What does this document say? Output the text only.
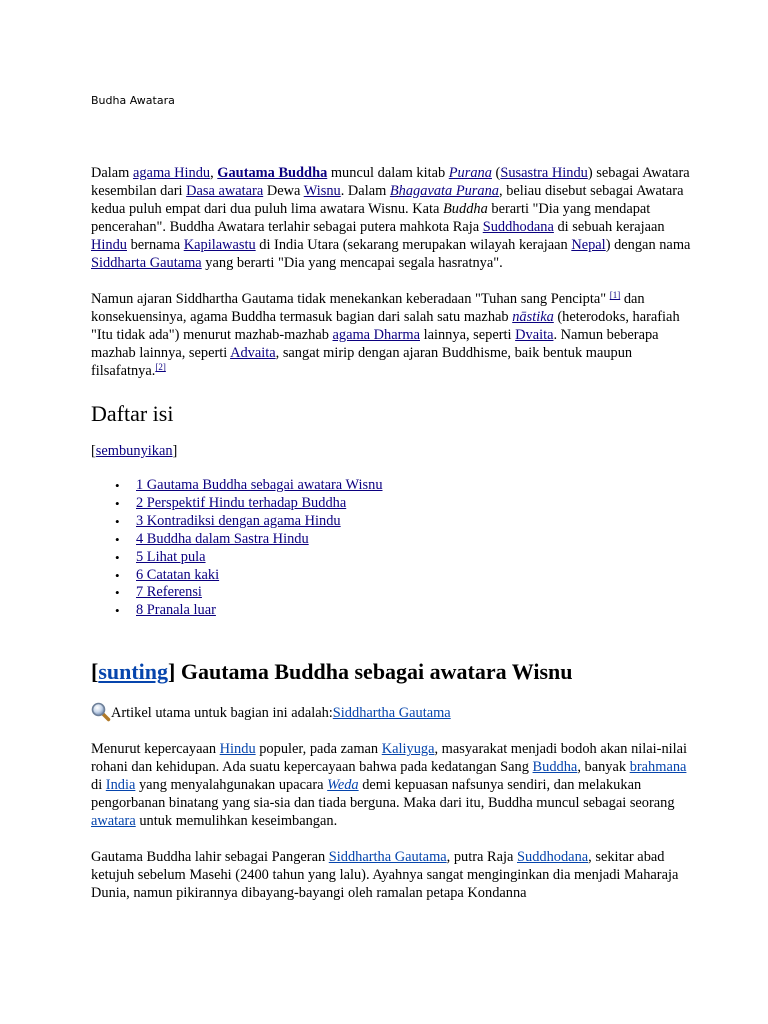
Budha Awatara

Dalam agama Hindu, Gautama Buddha muncul dalam kitab Purana (Susastra Hindu) sebagai Awatara kesembilan dari Dasa awatara Dewa Wisnu. Dalam Bhagavata Purana, beliau disebut sebagai Awatara kedua puluh empat dari dua puluh lima awatara Wisnu. Kata Buddha berarti "Dia yang mendapat pencerahan". Buddha Awatara terlahir sebagai putera mahkota Raja Suddhodana di sebuah kerajaan Hindu bernama Kapilawastu di India Utara (sekarang merupakan wilayah kerajaan Nepal) dengan nama Siddharta Gautama yang berarti "Dia yang mencapai segala hasratnya".

Namun ajaran Siddhartha Gautama tidak menekankan keberadaan "Tuhan sang Pencipta" [1] dan konsekuensinya, agama Buddha termasuk bagian dari salah satu mazhab nāstika (heterodoks, harafiah "Itu tidak ada") menurut mazhab-mazhab agama Dharma lainnya, seperti Dvaita. Namun beberapa mazhab lainnya, seperti Advaita, sangat mirip dengan ajaran Buddhisme, baik bentuk maupun filsafatnya.[2]

Daftar isi
[sembunyikan]
• 1 Gautama Buddha sebagai awatara Wisnu
• 2 Perspektif Hindu terhadap Buddha
• 3 Kontradiksi dengan agama Hindu
• 4 Buddha dalam Sastra Hindu
• 5 Lihat pula
• 6 Catatan kaki
• 7 Referensi
• 8 Pranala luar
[sunting] Gautama Buddha sebagai awatara Wisnu
Artikel utama untuk bagian ini adalah: Siddhartha Gautama

Menurut kepercayaan Hindu populer, pada zaman Kaliyuga, masyarakat menjadi bodoh akan nilai-nilai rohani dan kehidupan. Ada suatu kepercayaan bahwa pada kedatangan Sang Buddha, banyak brahmana di India yang menyalahgunakan upacara Weda demi kepuasan nafsunya sendiri, dan melakukan pengorbanan binatang yang sia-sia dan tiada berguna. Maka dari itu, Buddha muncul sebagai seorang awatara untuk memulihkan keseimbangan.

Gautama Buddha lahir sebagai Pangeran Siddhartha Gautama, putra Raja Suddhodana, sekitar abad ketujuh sebelum Masehi (2400 tahun yang lalu). Ayahnya sangat menginginkan dia menjadi Maharaja Dunia, namun pikirannya dibayang-bayangi oleh ramalan petapa Kondanna
